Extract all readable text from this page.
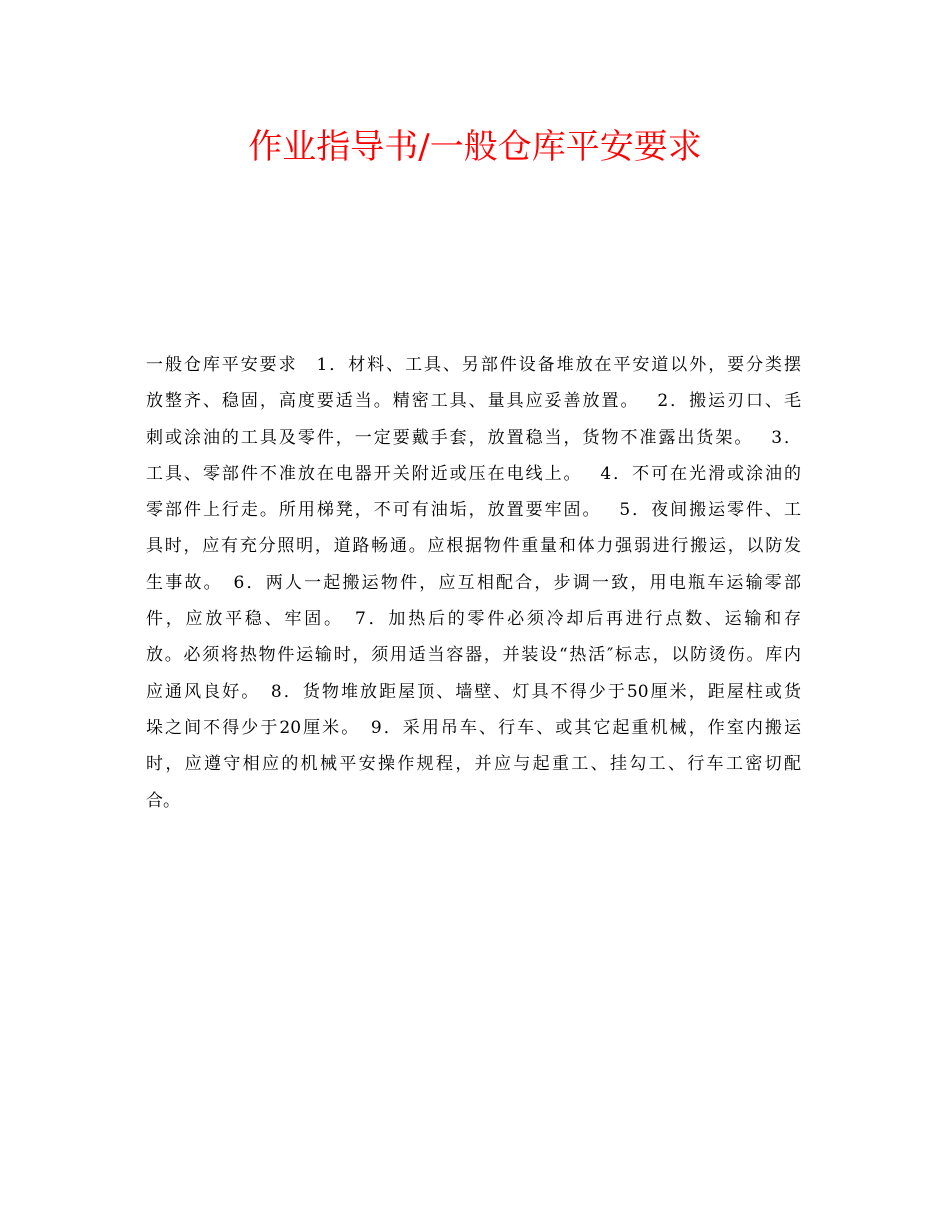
作业指导书/一般仓库平安要求
一般仓库平安要求　1．材料、工具、另部件设备堆放在平安道以外，要分类摆
放整齐、稳固，高度要适当。精密工具、量具应妥善放置。　 2．搬运刃口、毛
刺或涂油的工具及零件，一定要戴手套，放置稳当，货物不准露出货架。　 3．
工具、零部件不准放在电器开关附近或压在电线上。　 4．不可在光滑或涂油的
零部件上行走。所用梯凳，不可有油垢，放置要牢固。　 5．夜间搬运零件、工
具时，应有充分照明，道路畅通。应根据物件重量和体力强弱进行搬运，以防发
生事故。　6．两人一起搬运物件，应互相配合，步调一致，用电瓶车运输零部
件，应放平稳、牢固。　7．加热后的零件必须冷却后再进行点数、运输和存
放。必须将热物件运输时，须用适当容器，并装设“热活″标志，以防烫伤。库内
应通风良好。　8．货物堆放距屋顶、墙壁、灯具不得少于50厘米，距屋柱或货
垛之间不得少于20厘米。　9．采用吊车、行车、或其它起重机械，作室内搬运
时，应遵守相应的机械平安操作规程，并应与起重工、挂勾工、行车工密切配
合。
